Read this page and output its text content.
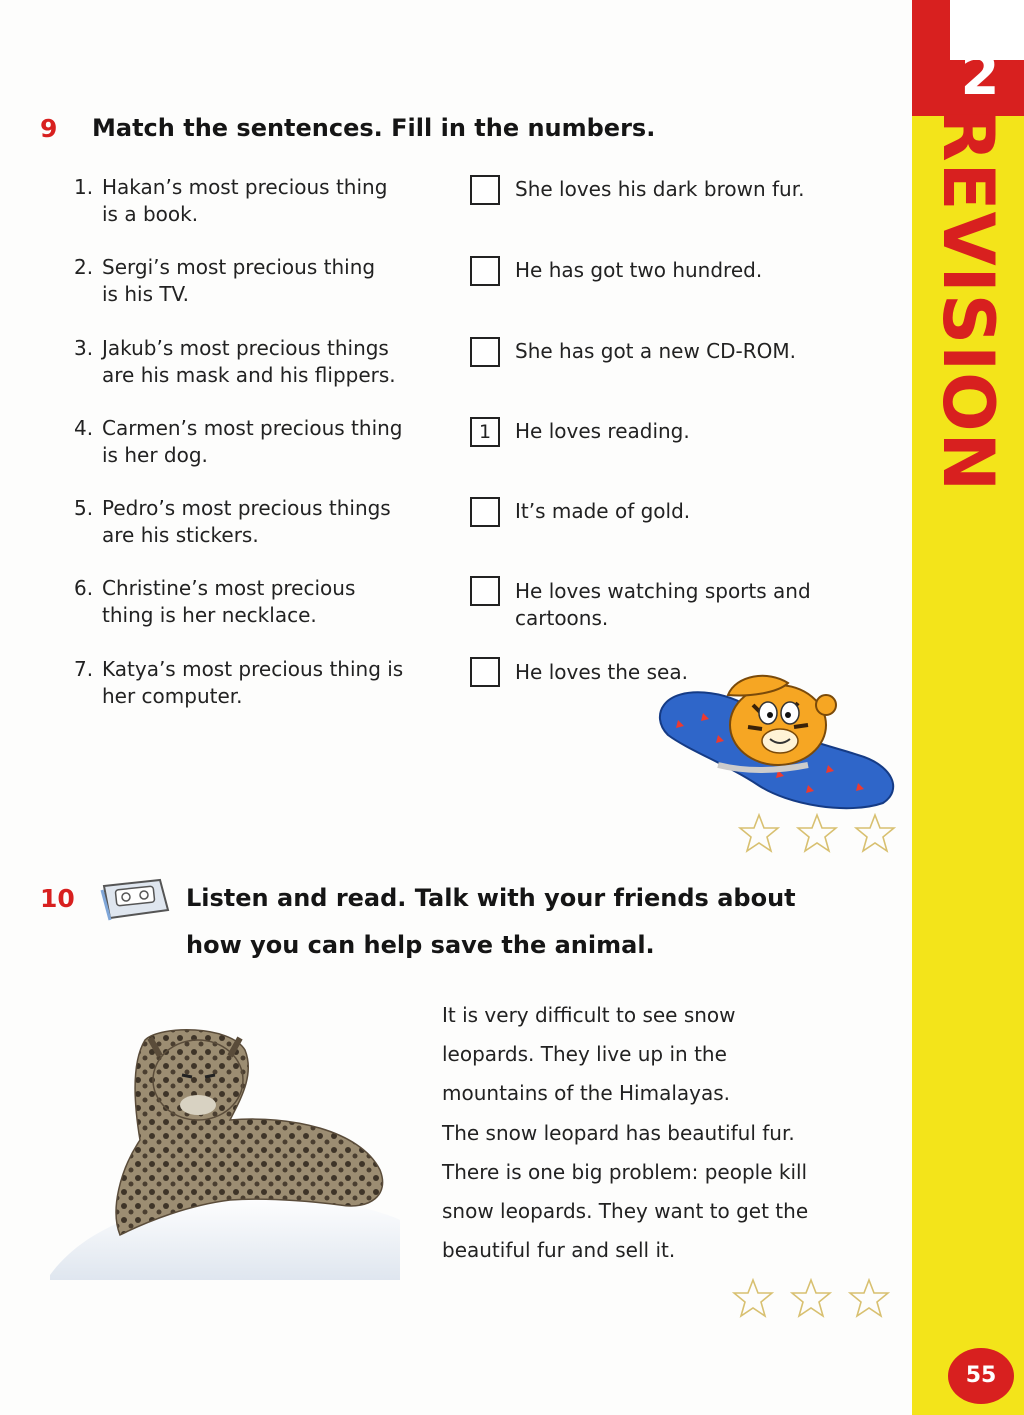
2
REVISION
55
9 Match the sentences. Fill in the numbers.
1. Hakan’s most precious thing
is a book.
2. Sergi’s most precious thing
is his TV.
3. Jakub’s most precious things
are his mask and his flippers.
4. Carmen’s most precious thing
is her dog.
5. Pedro’s most precious things
are his stickers.
6. Christine’s most precious
thing is her necklace.
7. Katya’s most precious thing is
her computer.
1
She loves his dark brown fur.
He has got two hundred.
She has got a new CD-ROM.
He loves reading.
It’s made of gold.
He loves watching sports and
cartoons.
He loves the sea.
10	Listen and read. Talk with your friends about
how you can help save the animal.
It is very difficult to see snow
leopards. They live up in the
mountains of the Himalayas.
The snow leopard has beautiful fur.
There is one big problem: people kill
snow leopards. They want to get the
beautiful fur and sell it.
